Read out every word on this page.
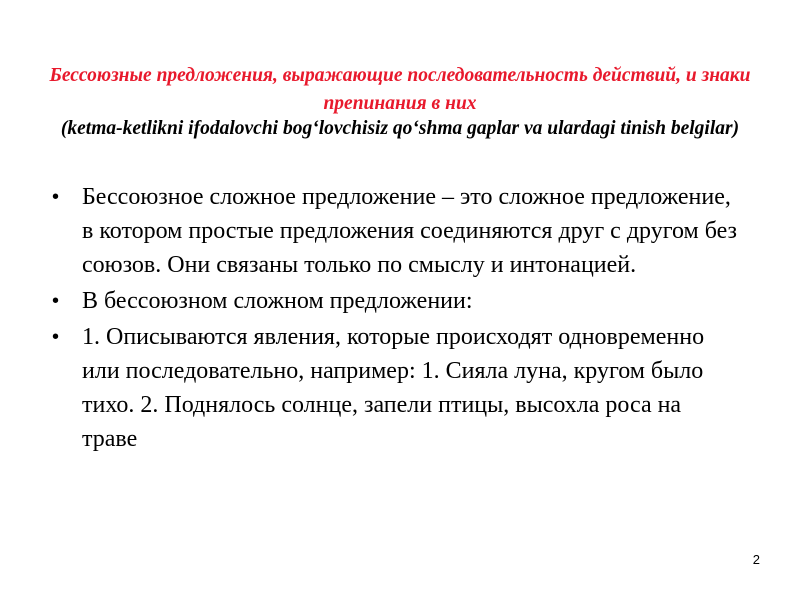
Бессоюзные предложения, выражающие последовательность действий, и знаки препинания в них

(ketma-ketlikni ifodalovchi bog‘lovchisiz qo‘shma gaplar va ulardagi tinish belgilar)

• Бессоюзное сложное предложение – это сложное предложение, в котором простые предложения соединяются друг с другом без союзов. Они связаны только по смыслу и интонацией.
• В бессоюзном сложном предложении:
• 1. Описываются явления, которые происходят одновременно или последовательно, например: 1. Сияла луна, кругом было тихо. 2. Поднялось солнце, запели птицы, высохла роса на траве
2
